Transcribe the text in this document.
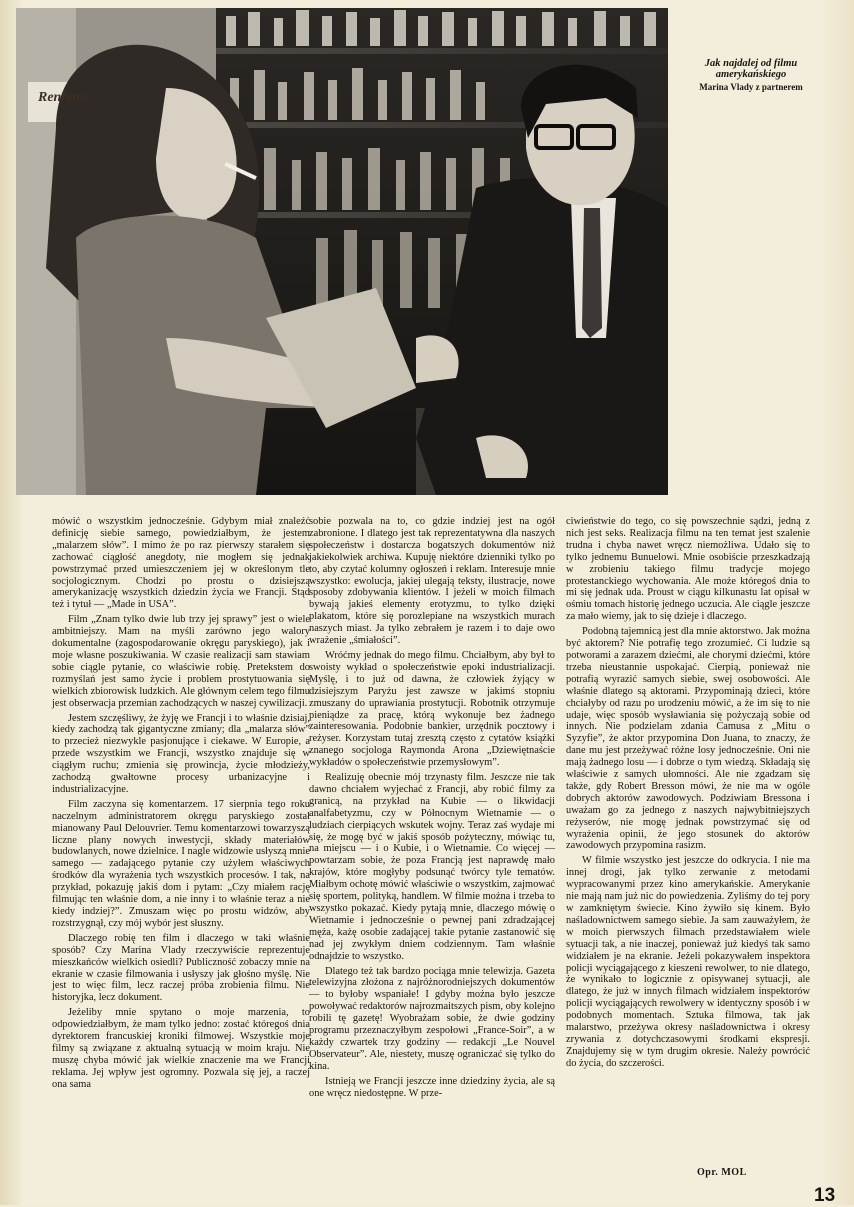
Renhaus
Jak najdalej od filmu amerykańskiego
Marina Vlady z partnerem

mówić o wszystkim jednocześnie. Gdybym miał znaleźć definicję siebie samego, powiedziałbym, że jestem „malarzem słów”. I mimo że po raz pierwszy starałem się zachować ciągłość anegdoty, nie mogłem się jednak powstrzymać przed umieszczeniem jej w określonym tle socjologicznym. Chodzi po prostu o dzisiejszą amerykanizację wszystkich dziedzin życia we Francji. Stąd też i tytuł — „Made in USA”.

Film „Znam tylko dwie lub trzy jej sprawy” jest o wiele ambitniejszy. Mam na myśli zarówno jego walory dokumentalne (zagospodarowanie okręgu paryskiego), jak i moje własne poszukiwania. W czasie realizacji sam stawiam sobie ciągle pytanie, co właściwie robię. Pretekstem do rozmyślań jest samo życie i problem prostytuowania się wielkich zbiorowisk ludzkich. Ale głównym celem tego filmu jest obserwacja przemian zachodzących w naszej cywilizacji.

Jestem szczęśliwy, że żyję we Francji i to właśnie dzisiaj, kiedy zachodzą tak gigantyczne zmiany; dla „malarza słów” to przecież niezwykle pasjonujące i ciekawe. W Europie, a przede wszystkim we Francji, wszystko znajduje się w ciągłym ruchu; zmienia się prowincja, życie młodzieży, zachodzą gwałtowne procesy urbanizacyjne i industrializacyjne.

Film zaczyna się komentarzem. 17 sierpnia tego roku naczelnym administratorem okręgu paryskiego został mianowany Paul Delouvrier. Temu komentarzowi towarzyszą liczne plany nowych inwestycji, składy materiałów budowlanych, nowe dzielnice. I nagle widzowie usłyszą mnie samego — zadającego pytanie czy użyłem właściwych środków dla wyrażenia tych wszystkich procesów. I tak, na przykład, pokazuję jakiś dom i pytam: „Czy miałem rację filmując ten właśnie dom, a nie inny i to właśnie teraz a nie kiedy indziej?”. Zmuszam więc po prostu widzów, aby rozstrzygnął, czy mój wybór jest słuszny.

Dlaczego robię ten film i dlaczego w taki właśnie sposób? Czy Marina Vlady rzeczywiście reprezentuje mieszkańców wielkich osiedli? Publiczność zobaczy mnie na ekranie w czasie filmowania i usłyszy jak głośno myślę. Nie jest to więc film, lecz raczej próba zrobienia filmu. Nie historyjka, lecz dokument.

Jeżeliby mnie spytano o moje marzenia, to odpowiedziałbym, że mam tylko jedno: zostać któregoś dnia dyrektorem francuskiej kroniki filmowej. Wszystkie moje filmy są związane z aktualną sytuacją w moim kraju. Nie muszę chyba mówić jak wielkie znaczenie ma we Francji reklama. Jej wpływ jest ogromny. Pozwala się jej, a raczej ona sama

sobie pozwala na to, co gdzie indziej jest na ogół zabronione. I dlatego jest tak reprezentatywna dla naszych społeczeństw i dostarcza bogatszych dokumentów niż jakiekolwiek archiwa. Kupuję niektóre dzienniki tylko po to, aby czytać kolumny ogłoszeń i reklam. Interesuje mnie wszystko: ewolucja, jakiej ulegają teksty, ilustracje, nowe sposoby zdobywania klientów. I jeżeli w moich filmach bywają jakieś elementy erotyzmu, to tylko dzięki plakatom, które się porozlepiane na wszystkich murach naszych miast. Ja tylko zebrałem je razem i to daje owo wrażenie „śmiałości”.

Wróćmy jednak do mego filmu. Chciałbym, aby był to swoisty wykład o społeczeństwie epoki industrializacji. Myślę, i to już od dawna, że człowiek żyjący w dzisiejszym Paryżu jest zawsze w jakimś stopniu zmuszany do uprawiania prostytucji. Robotnik otrzymuje pieniądze za pracę, którą wykonuje bez żadnego zainteresowania. Podobnie bankier, urzędnik pocztowy i reżyser. Korzystam tutaj zresztą często z cytatów książki znanego socjologa Raymonda Arona „Dziewiętnaście wykładów o społeczeństwie przemysłowym”.

Realizuję obecnie mój trzynasty film. Jeszcze nie tak dawno chciałem wyjechać z Francji, aby robić filmy za granicą, na przykład na Kubie — o likwidacji analfabetyzmu, czy w Północnym Wietnamie — o ludziach cierpiących wskutek wojny. Teraz zaś wydaje mi się, że mogę być w jakiś sposób pożyteczny, mówiąc tu, na miejscu — i o Kubie, i o Wietnamie. Co więcej — powtarzam sobie, że poza Francją jest naprawdę mało krajów, które mogłyby podsunąć twórcy tyle tematów. Miałbym ochotę mówić właściwie o wszystkim, zajmować się sportem, polityką, handlem. W filmie można i trzeba to wszystko pokazać. Kiedy pytają mnie, dlaczego mówię o Wietnamie i jednocześnie o pewnej pani zdradzającej męża, każę osobie zadającej takie pytanie zastanowić się nad jej zwykłym dniem codziennym. Tam właśnie odnajdzie to wszystko.

Dlatego też tak bardzo pociąga mnie telewizja. Gazeta telewizyjna złożona z najróżnorodniejszych dokumentów — to byłoby wspaniałe! I gdyby można było jeszcze powoływać redaktorów najrozmaitszych pism, oby kolejno robili tę gazetę! Wyobrażam sobie, że dwie godziny programu przeznaczyłbym zespołowi „France-Soir”, a w każdy czwartek trzy godziny — redakcji „Le Nouvel Observateur”. Ale, niestety, muszę ograniczać się tylko do kina.

Istnieją we Francji jeszcze inne dziedziny życia, ale są one wręcz niedostępne. W prze-

ciwieństwie do tego, co się powszechnie sądzi, jedną z nich jest seks. Realizacja filmu na ten temat jest szalenie trudna i chyba nawet wręcz niemożliwa. Udało się to tylko jednemu Bunuelowi. Mnie osobiście przeszkadzają w zrobieniu takiego filmu tradycje mojego protestanckiego wychowania. Ale może któregoś dnia to mi się jednak uda. Proust w ciągu kilkunastu lat opisał w ośmiu tomach historię jednego uczucia. Ale ciągle jeszcze za mało wiemy, jak to się dzieje i dlaczego.

Podobną tajemnicą jest dla mnie aktorstwo. Jak można być aktorem? Nie potrafię tego zrozumieć. Ci ludzie są potworami a zarazem dziećmi, ale chorymi dziećmi, które trzeba nieustannie uspokajać. Cierpią, ponieważ nie potrafią wyrazić samych siebie, swej osobowości. Ale właśnie dlatego są aktorami. Przypominają dzieci, które chciałyby od razu po urodzeniu mówić, a że im się to nie udaje, więc sposób wysławiania się pożyczają sobie od innych. Nie podzielam zdania Camusa z „Mitu o Syzyfie”, że aktor przypomina Don Juana, to znaczy, że dane mu jest przeżywać różne losy jednocześnie. Oni nie mają żadnego losu — i dobrze o tym wiedzą. Składają się właściwie z samych ułomności. Ale nie zgadzam się także, gdy Robert Bresson mówi, że nie ma w ogóle dobrych aktorów zawodowych. Podziwiam Bressona i uważam go za jednego z naszych najwybitniejszych reżyserów, nie mogę jednak powstrzymać się od wyrażenia opinii, że jego stosunek do aktorów zawodowych przypomina rasizm.

W filmie wszystko jest jeszcze do odkrycia. I nie ma innej drogi, jak tylko zerwanie z metodami wypracowanymi przez kino amerykańskie. Amerykanie nie mają nam już nic do powiedzenia. Zyliśmy do tej pory w zamkniętym świecie. Kino żywiło się kinem. Było naśladownictwem samego siebie. Ja sam zauważyłem, że w moich pierwszych filmach przedstawiałem wiele sytuacji tak, a nie inaczej, ponieważ już kiedyś tak samo widziałem je na ekranie. Jeżeli pokazywałem inspektora policji wyciągającego z kieszeni rewolwer, to nie dlatego, że wynikało to logicznie z opisywanej sytuacji, ale dlatego, że już w innych filmach widziałem inspektorów policji wyciągających rewolwery w identyczny sposób i w podobnych momentach. Sztuka filmowa, tak jak malarstwo, przeżywa okresy naśladownictwa i okresy zrywania z dotychczasowymi środkami ekspresji. Znajdujemy się w tym drugim okresie. Należy powrócić do życia, do szczerości.

Opr. MOL
13
